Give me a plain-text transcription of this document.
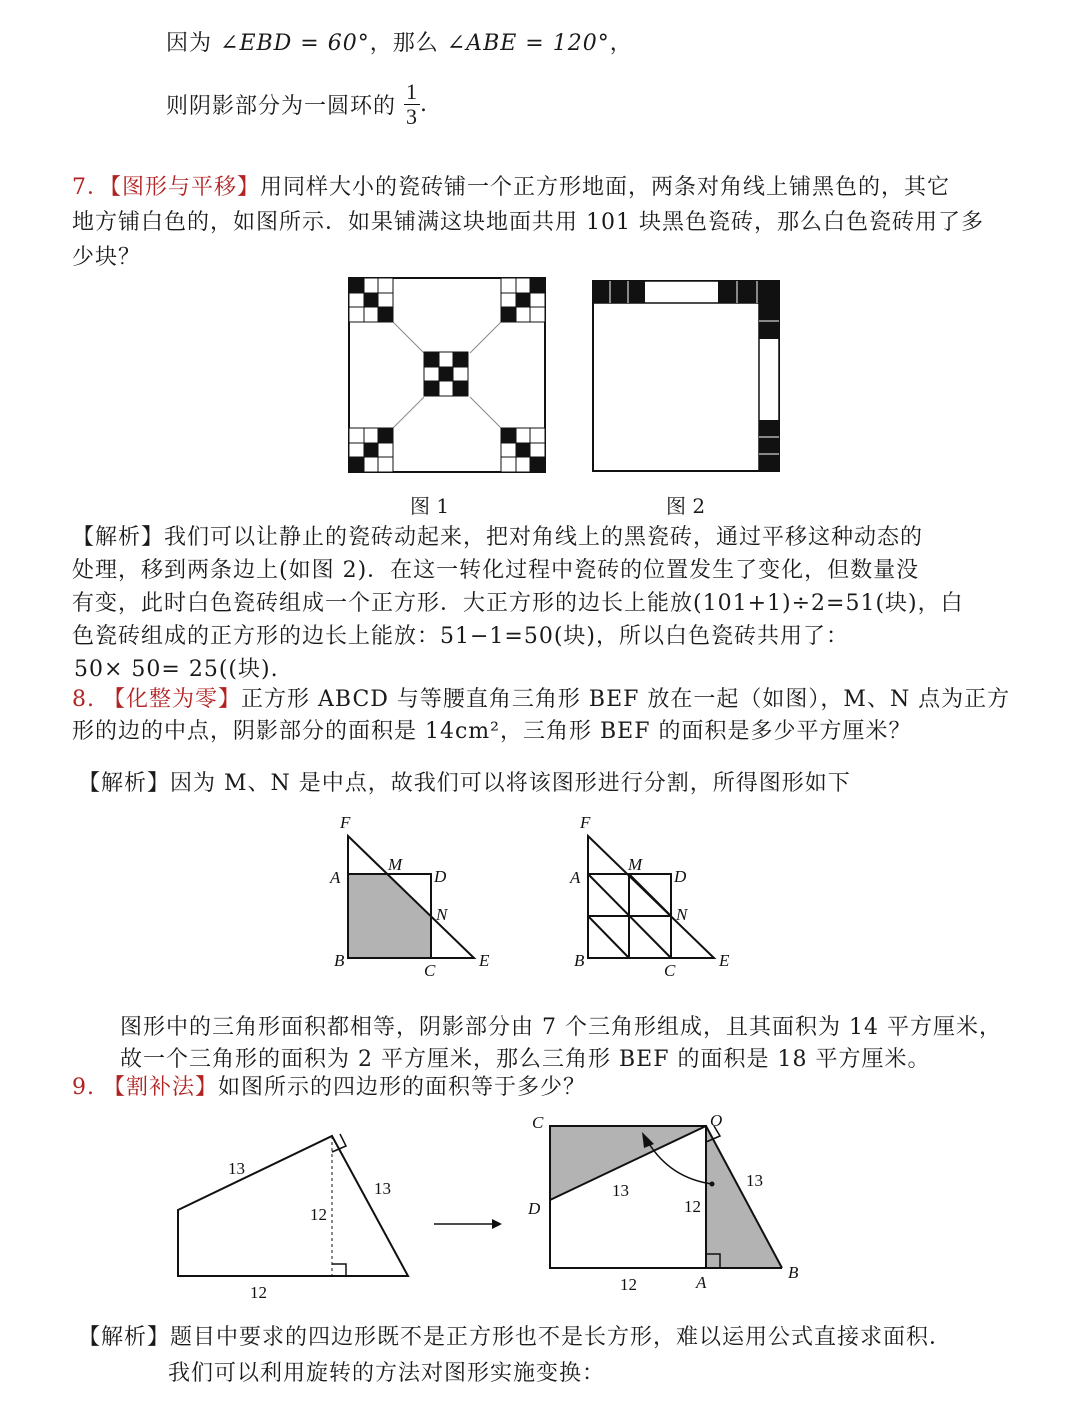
因为 ∠EBD = 60°，那么 ∠ABE = 120°，
则阴影部分为一圆环的 $\frac{1}{3}$ .
7．【图形与平移】用同样大小的瓷砖铺一个正方形地面，两条对角线上铺黑色的，其它
地方铺白色的，如图所示．如果铺满这块地面共用 101 块黑色瓷砖，那么白色瓷砖用了多
少块？
图 1	图 2
【解析】我们可以让静止的瓷砖动起来，把对角线上的黑瓷砖，通过平移这种动态的
处理，移到两条边上(如图 2)．在这一转化过程中瓷砖的位置发生了变化，但数量没
有变，此时白色瓷砖组成一个正方形．大正方形的边长上能放(101+1)÷2=51(块)，白
色瓷砖组成的正方形的边长上能放：51−1=50(块)，所以白色瓷砖共用了：
50× 50= 25((块).
8. 【化整为零】正方形 ABCD 与等腰直角三角形 BEF 放在一起（如图），M、N 点为正方
形的边的中点，阴影部分的面积是 14cm²，三角形 BEF 的面积是多少平方厘米？
【解析】因为 M、N 是中点，故我们可以将该图形进行分割，所得图形如下
F
A
M
D
N
B
C
E
F
A
M
D
N
B
C
E
图形中的三角形面积都相等，阴影部分由 7 个三角形组成，且其面积为 14 平方厘米，
故一个三角形的面积为 2 平方厘米，那么三角形 BEF 的面积是 18 平方厘米。
9. 【割补法】如图所示的四边形的面积等于多少？
13
13
12
12
C	O
D
13
12
13
12	A
B
【解析】题目中要求的四边形既不是正方形也不是长方形，难以运用公式直接求面积．
我们可以利用旋转的方法对图形实施变换：
